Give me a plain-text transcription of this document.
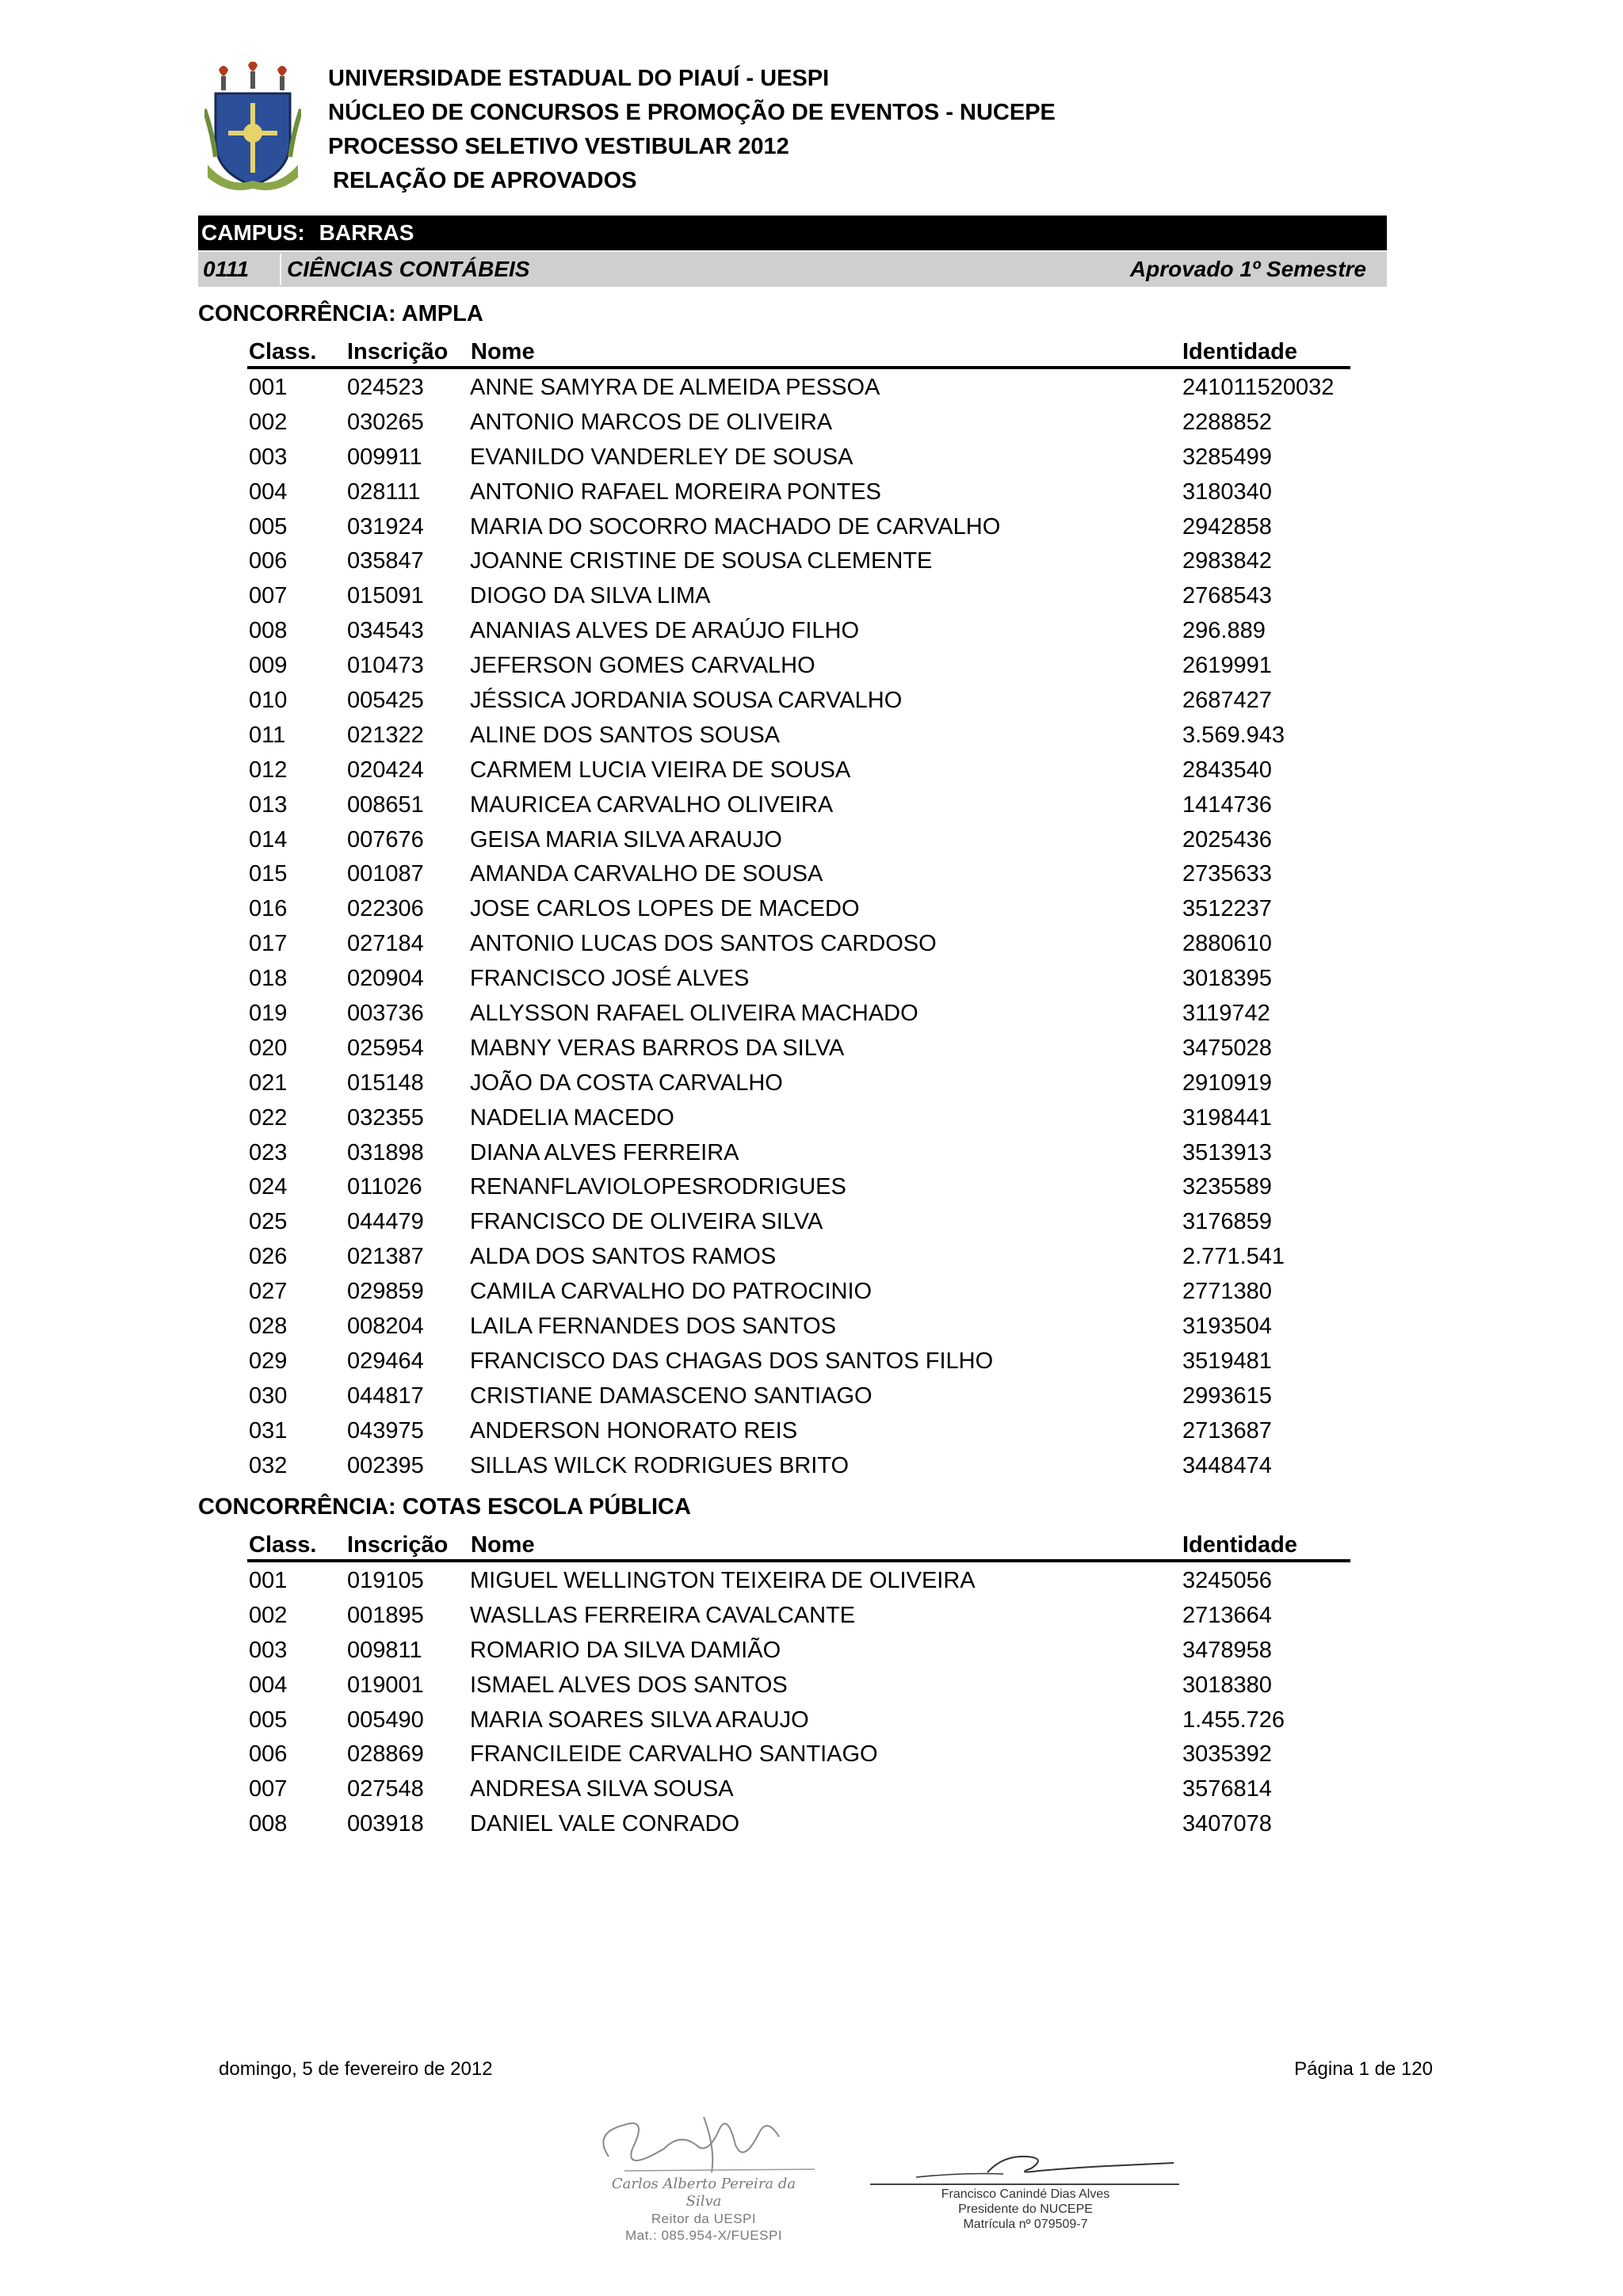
UNIVERSIDADE ESTADUAL DO PIAUÍ - UESPI
NÚCLEO DE CONCURSOS E PROMOÇÃO DE EVENTOS - NUCEPE
PROCESSO SELETIVO VESTIBULAR 2012
RELAÇÃO DE APROVADOS
CAMPUS: BARRAS
0111 CIÊNCIAS CONTÁBEIS	Aprovado 1º Semestre
CONCORRÊNCIA: AMPLA
Class. Inscrição Nome	Identidade
001	024523 ANNE SAMYRA DE ALMEIDA PESSOA	241011520032
002	030265 ANTONIO MARCOS DE OLIVEIRA	2288852
003	009911 EVANILDO VANDERLEY DE SOUSA	3285499
004	028111 ANTONIO RAFAEL MOREIRA PONTES	3180340
005	031924 MARIA DO SOCORRO MACHADO DE CARVALHO	2942858
006	035847 JOANNE CRISTINE DE SOUSA CLEMENTE	2983842
007	015091 DIOGO DA SILVA LIMA	2768543
008	034543 ANANIAS ALVES DE ARAÚJO FILHO	296.889
009	010473 JEFERSON GOMES CARVALHO	2619991
010	005425 JÉSSICA JORDANIA SOUSA CARVALHO	2687427
011	021322 ALINE DOS SANTOS SOUSA	3.569.943
012	020424 CARMEM LUCIA VIEIRA DE SOUSA	2843540
013	008651 MAURICEA CARVALHO OLIVEIRA	1414736
014	007676 GEISA MARIA SILVA ARAUJO	2025436
015	001087 AMANDA CARVALHO DE SOUSA	2735633
016	022306 JOSE CARLOS LOPES DE MACEDO	3512237
017	027184 ANTONIO LUCAS DOS SANTOS CARDOSO	2880610
018	020904 FRANCISCO JOSÉ ALVES	3018395
019	003736 ALLYSSON RAFAEL OLIVEIRA MACHADO	3119742
020	025954 MABNY VERAS BARROS DA SILVA	3475028
021	015148 JOÃO DA COSTA CARVALHO	2910919
022	032355 NADELIA MACEDO	3198441
023	031898 DIANA ALVES FERREIRA	3513913
024	011026 RENANFLAVIOLOPESRODRIGUES	3235589
025	044479 FRANCISCO DE OLIVEIRA SILVA	3176859
026	021387 ALDA DOS SANTOS RAMOS	2.771.541
027	029859 CAMILA CARVALHO DO PATROCINIO	2771380
028	008204 LAILA FERNANDES DOS SANTOS	3193504
029	029464 FRANCISCO DAS CHAGAS DOS SANTOS FILHO	3519481
030	044817 CRISTIANE DAMASCENO SANTIAGO	2993615
031	043975 ANDERSON HONORATO REIS	2713687
032	002395 SILLAS WILCK RODRIGUES BRITO	3448474
CONCORRÊNCIA: COTAS ESCOLA PÚBLICA
Class. Inscrição Nome	Identidade
001	019105 MIGUEL WELLINGTON TEIXEIRA DE OLIVEIRA	3245056
002	001895 WASLLAS FERREIRA CAVALCANTE	2713664
003	009811 ROMARIO DA SILVA DAMIÃO	3478958
004	019001 ISMAEL ALVES DOS SANTOS	3018380
005	005490 MARIA SOARES SILVA ARAUJO	1.455.726
006	028869 FRANCILEIDE CARVALHO SANTIAGO	3035392
007	027548 ANDRESA SILVA SOUSA	3576814
008	003918 DANIEL VALE CONRADO	3407078
domingo, 5 de fevereiro de 2012	Página 1 de 120
Carlos Alberto Pereira da Silva
Reitor da UESPI
Mat.: 085.954-X/FUESPI
Francisco Canindé Dias Alves
Presidente do NUCEPE
Matrícula nº 079509-7
